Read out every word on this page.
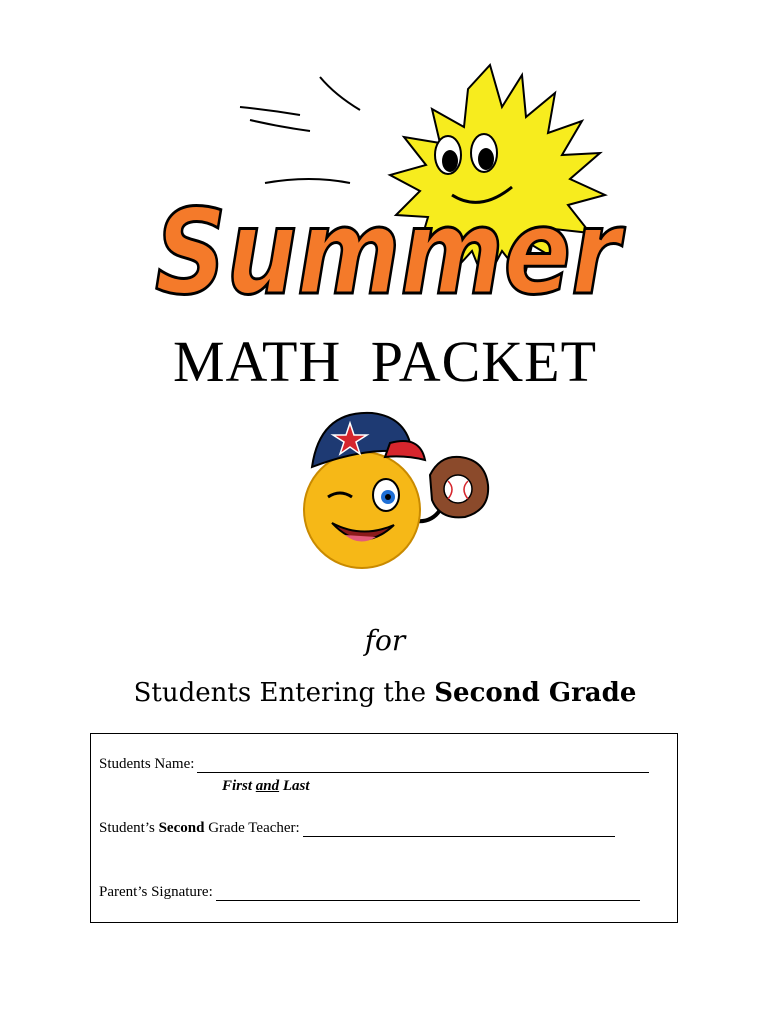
Summer
MATH PACKET
for
Students Entering the Second Grade
Students Name:
First and Last
Student’s Second Grade Teacher:
Parent’s Signature:
